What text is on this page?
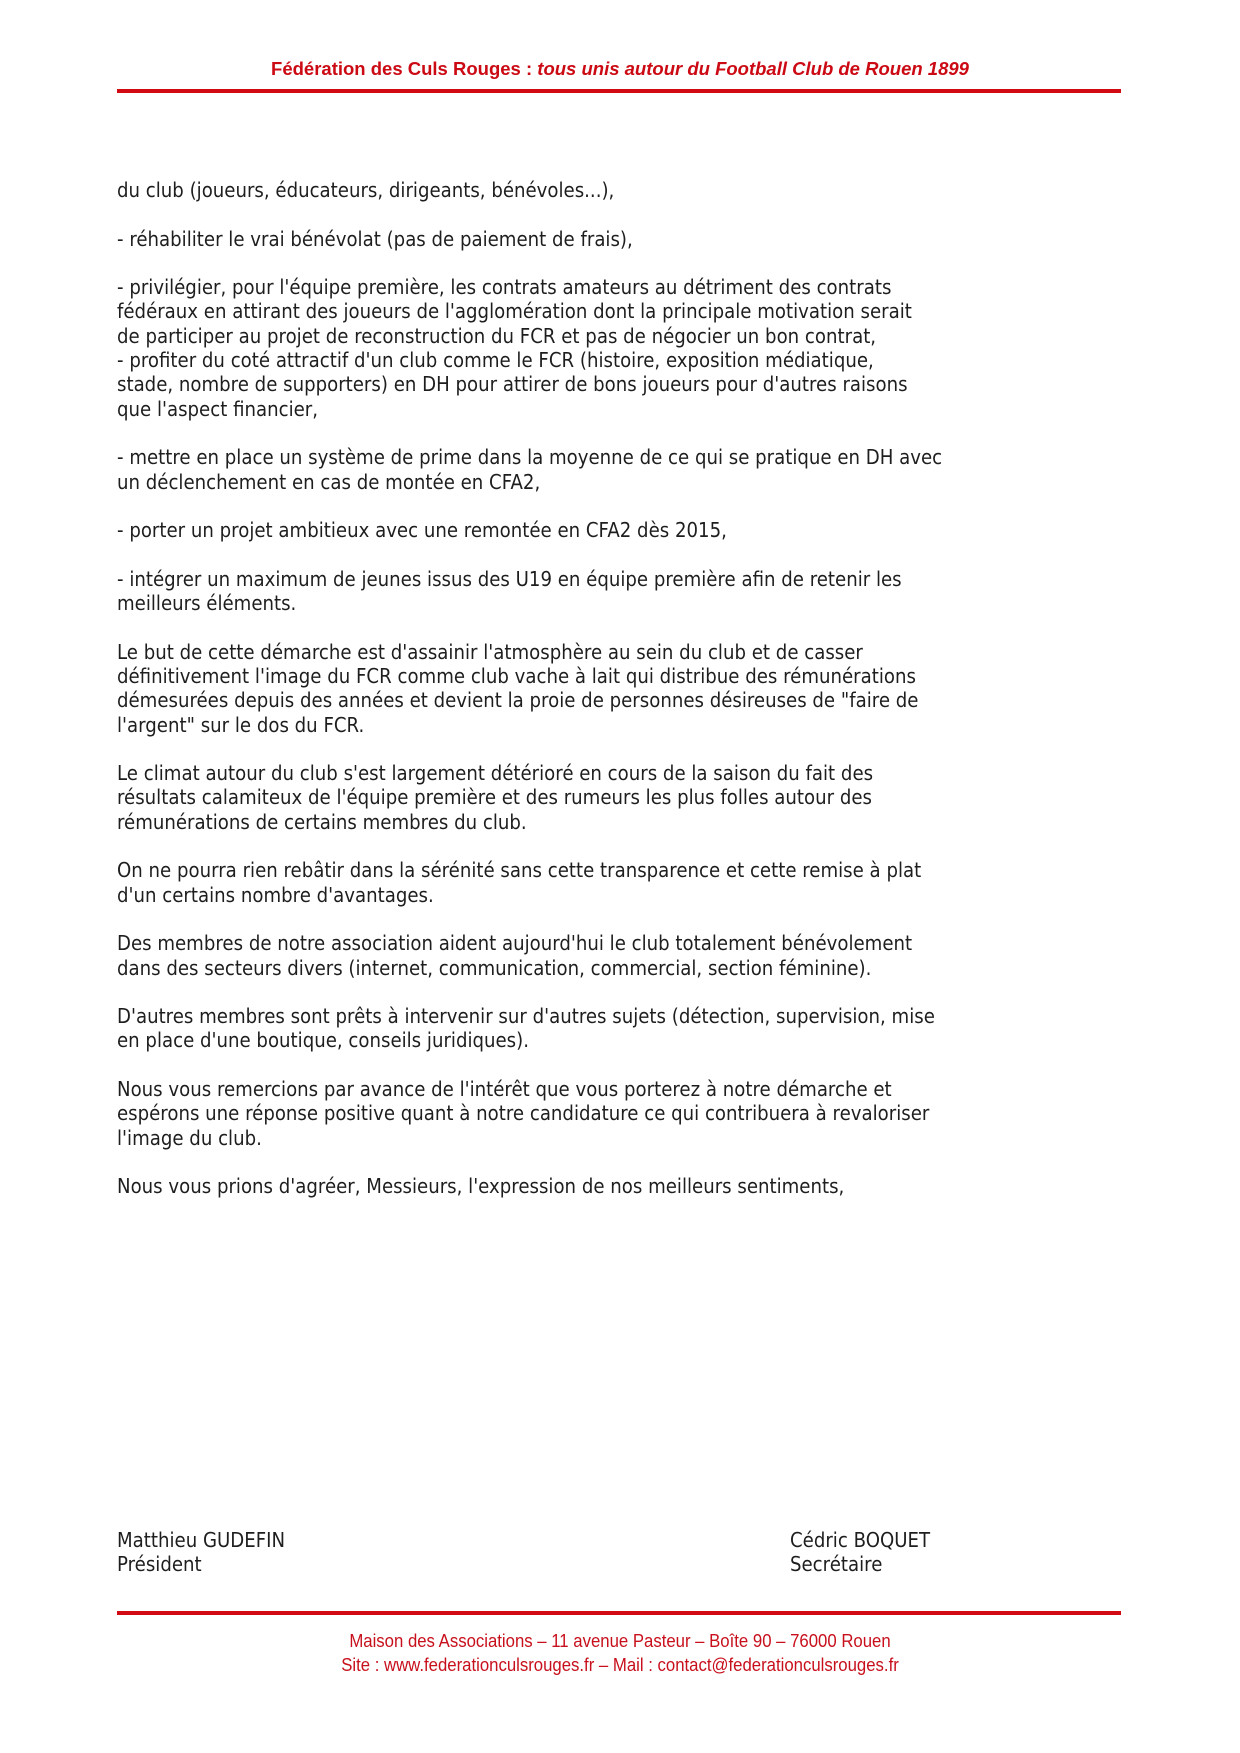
Fédération des Culs Rouges : tous unis autour du Football Club de Rouen 1899
du club (joueurs, éducateurs, dirigeants, bénévoles...),
- réhabiliter le vrai bénévolat (pas de paiement de frais),
- privilégier, pour l'équipe première, les contrats amateurs au détriment des contrats
fédéraux en attirant des joueurs de l'agglomération dont la principale motivation serait
de participer au projet de reconstruction du FCR et pas de négocier un bon contrat,
- profiter du coté attractif d'un club comme le FCR (histoire, exposition médiatique,
stade, nombre de supporters) en DH pour attirer de bons joueurs pour d'autres raisons
que l'aspect financier,
- mettre en place un système de prime dans la moyenne de ce qui se pratique en DH avec
un déclenchement en cas de montée en CFA2,
- porter un projet ambitieux avec une remontée en CFA2 dès 2015,
- intégrer un maximum de jeunes issus des U19 en équipe première afin de retenir les
meilleurs éléments.
Le but de cette démarche est d'assainir l'atmosphère au sein du club et de casser
définitivement l'image du FCR comme club vache à lait qui distribue des rémunérations
démesurées depuis des années et devient la proie de personnes désireuses de "faire de
l'argent" sur le dos du FCR.
Le climat autour du club s'est largement détérioré en cours de la saison du fait des
résultats calamiteux de l'équipe première et des rumeurs les plus folles autour des
rémunérations de certains membres du club.
On ne pourra rien rebâtir dans la sérénité sans cette transparence et cette remise à plat
d'un certains nombre d'avantages.
Des membres de notre association aident aujourd'hui le club totalement bénévolement
dans des secteurs divers (internet, communication, commercial, section féminine).
D'autres membres sont prêts à intervenir sur d'autres sujets (détection, supervision, mise
en place d'une boutique, conseils juridiques).
Nous vous remercions par avance de l'intérêt que vous porterez à notre démarche et
espérons une réponse positive quant à notre candidature ce qui contribuera à revaloriser
l'image du club.
Nous vous prions d'agréer, Messieurs, l'expression de nos meilleurs sentiments,
Matthieu GUDEFIN
Président
Cédric BOQUET
Secrétaire
Maison des Associations – 11 avenue Pasteur – Boîte 90 – 76000 Rouen
Site : www.federationculsrouges.fr – Mail : contact@federationculsrouges.fr
